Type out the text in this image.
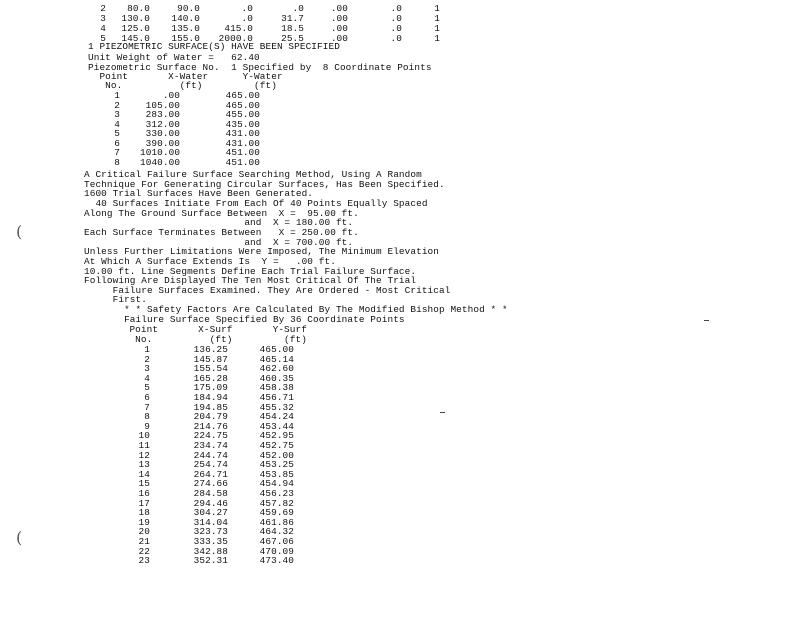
2	80.0	90.0	.0	.0	.00	.0	1
3	130.0	140.0	.0	31.7	.00	.0	1
4	125.0	135.0	415.0	18.5	.00	.0	1
5	145.0	155.0	2000.0	25.5	.00	.0	1
1 PIEZOMETRIC SURFACE(S) HAVE BEEN SPECIFIED
Unit Weight of Water =   62.40
Piezometric Surface No.  1 Specified by  8 Coordinate Points
Point       X-Water      Y-Water
No.          (ft)         (ft)
1	.00	465.00
2	105.00	465.00
3	283.00	455.00
4	312.00	435.00
5	330.00	431.00
6	390.00	431.00
7 1010.00	451.00
8 1040.00	451.00
A Critical Failure Surface Searching Method, Using A Random
Technique For Generating Circular Surfaces, Has Been Specified.
1600 Trial Surfaces Have Been Generated.
40 Surfaces Initiate From Each Of 40 Points Equally Spaced
Along The Ground Surface Between  X =  95.00 ft.
and  X = 180.00 ft.
Each Surface Terminates Between   X = 250.00 ft.
and  X = 700.00 ft.
Unless Further Limitations Were Imposed, The Minimum Elevation
At Which A Surface Extends Is  Y =   .00 ft.
10.00 ft. Line Segments Define Each Trial Failure Surface.
Following Are Displayed The Ten Most Critical Of The Trial
Failure Surfaces Examined. They Are Ordered - Most Critical
First.
* * Safety Factors Are Calculated By The Modified Bishop Method * *
Failure Surface Specified By 36 Coordinate Points
Point       X-Surf       Y-Surf
No.          (ft)         (ft)
1	136.25	465.00
2	145.87	465.14
3	155.54	462.60
4	165.28	460.35
5	175.09	458.38
6	184.94	456.71
7	194.85	455.32
8	204.79	454.24
9	214.76	453.44
10	224.75	452.95
11	234.74	452.75
12	244.74	452.00
13	254.74	453.25
14	264.71	453.85
15	274.66	454.94
16	284.58	456.23
17	294.46	457.82
18	304.27	459.69
19	314.04	461.86
20	323.73	464.32
21	333.35	467.06
22	342.88	470.09
23	352.31	473.40
(
(
